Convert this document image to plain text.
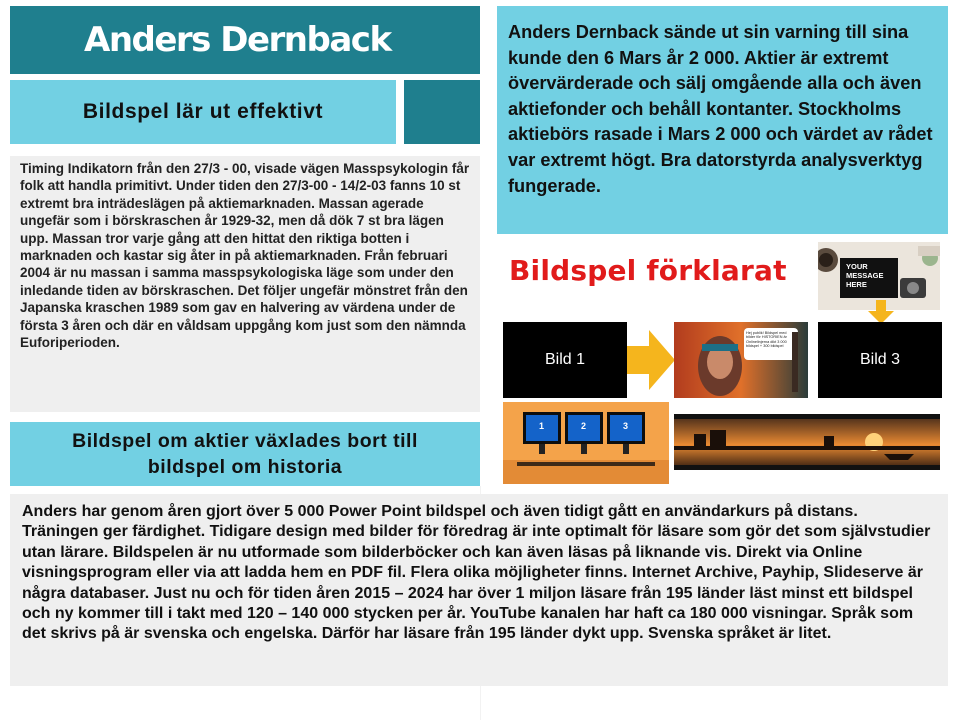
Anders Dernback
Bildspel lär ut effektivt

Timing Indikatorn från den 27/3 - 00, visade vägen Masspsykologin får folk att handla primitivt. Under tiden den 27/3-00 - 14/2-03 fanns 10 st extremt bra inträdeslägen på aktiemarknaden. Massan agerade ungefär som i börskraschen år 1929-32, men då dök 7 st bra lägen upp. Massan tror varje gång att den hittat den riktiga botten i marknaden och kastar sig åter in på aktiemarknaden. Från februari 2004 är nu massan i samma masspsykologiska läge som under den inledande tiden av börskraschen. Det följer ungefär mönstret från den Japanska kraschen 1989 som gav en halvering av värdena under de första 3 åren och där en våldsam uppgång kom just som den nämnda Euforiperioden.

Bildspel om aktier växlades bort till
bildspel om historia

Anders Dernback sände ut sin varning till sina kunde den 6 Mars år 2 000. Aktier är extremt övervärderade och sälj omgående alla och även aktiefonder och behåll kontanter. Stockholms aktiebörs rasade i Mars 2 000 och värdet av rådet var extremt högt. Bra datorstyrda analysverktyg fungerade.

Bildspel förklarat	YOUR MESSAGE HERE
Bild 1
Hej publik! Bildspel med bilder för HISTORIEN är Onlinelinjerna dikt 3 000 bildspel + 300 bildspel
Bild 3
1	2	3

Anders har genom åren gjort över 5 000 Power Point bildspel och även tidigt gått en användarkurs på distans. Träningen ger färdighet. Tidigare design med bilder för föredrag är inte optimalt för läsare som gör det som självstudier utan lärare. Bildspelen är nu utformade som bilderböcker och kan även läsas på liknande vis. Direkt via Online visningsprogram eller via att ladda hem en PDF fil. Flera olika möjligheter finns. Internet Archive, Payhip, Slideserve är några databaser. Just nu och för tiden åren 2015 – 2024 har över 1 miljon läsare från 195 länder läst minst ett bildspel och ny kommer till i takt med 120 – 140 000 stycken per år. YouTube kanalen har haft ca 180 000 visningar. Språk som det skrivs på är svenska och engelska. Därför har läsare från 195 länder dykt upp. Svenska språket är litet.
